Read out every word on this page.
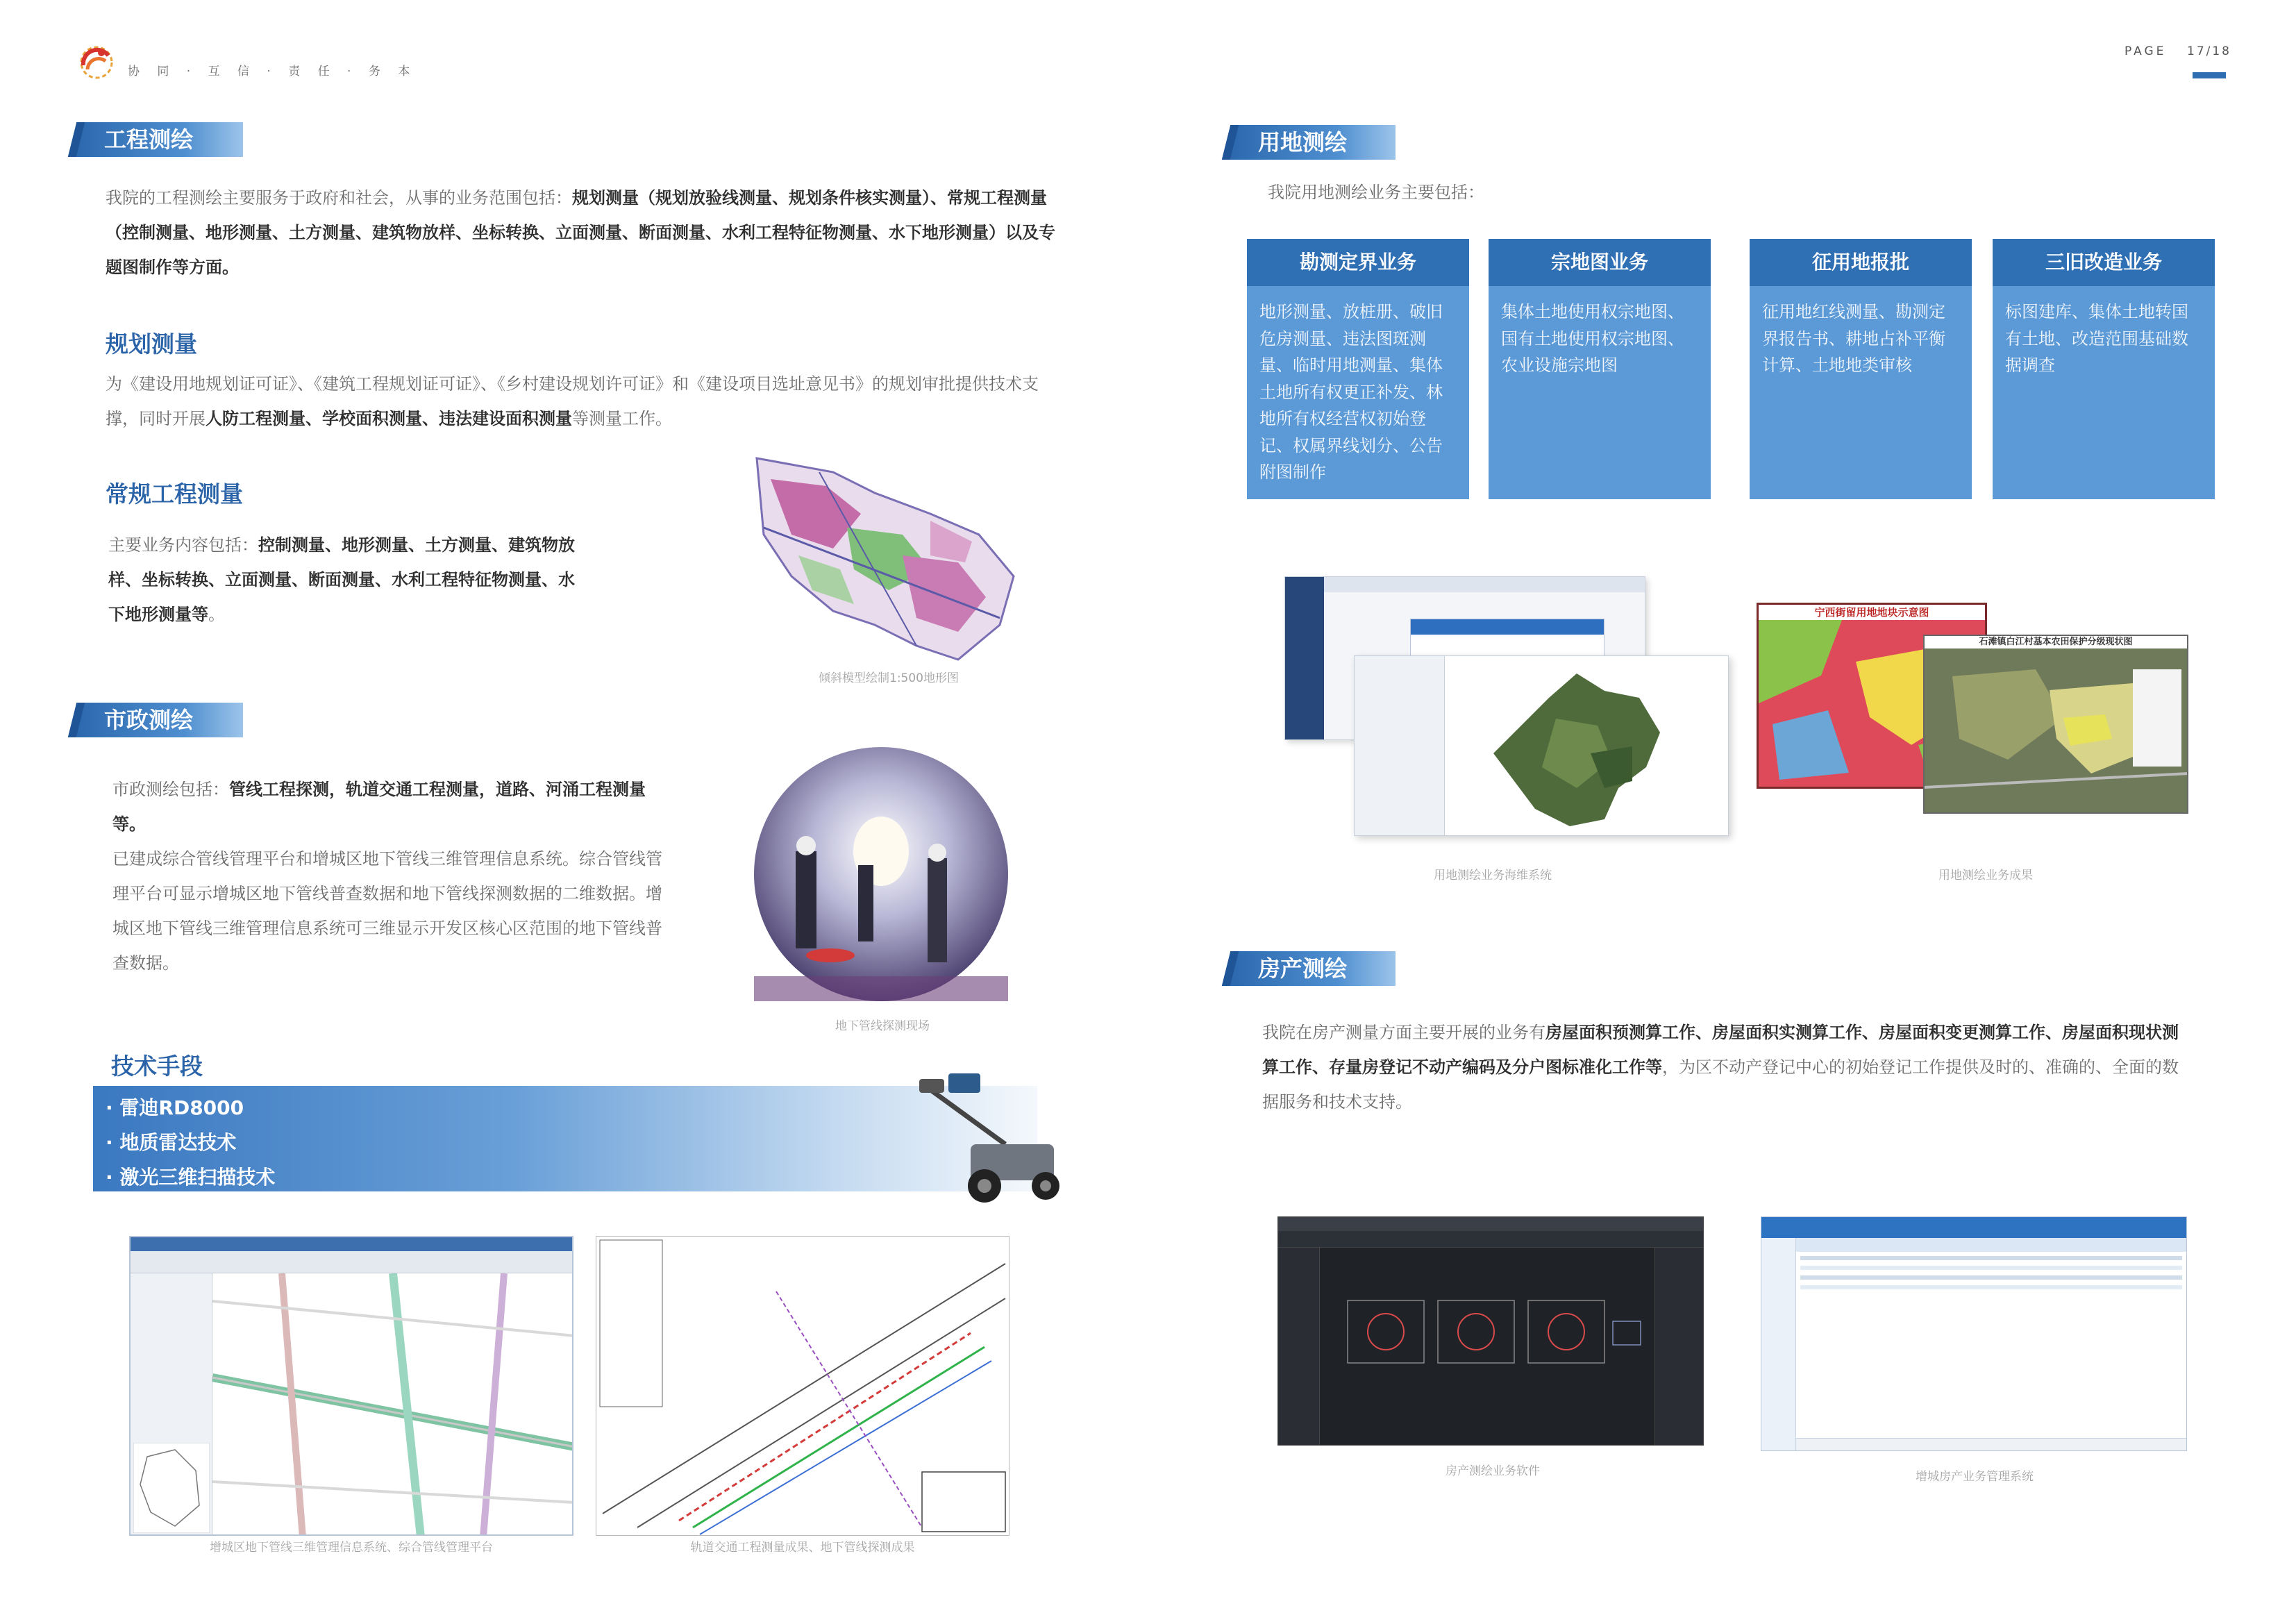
协 同 · 互 信 · 责 任 · 务 本
PAGE 17/18
工程测绘
我院的工程测绘主要服务于政府和社会，从事的业务范围包括：规划测量（规划放验线测量、规划条件核实测量）、常规工程测量（控制测量、地形测量、土方测量、建筑物放样、坐标转换、立面测量、断面测量、水利工程特征物测量、水下地形测量）以及专题图制作等方面。
规划测量
为《建设用地规划证可证》、《建筑工程规划证可证》、《乡村建设规划许可证》和《建设项目选址意见书》的规划审批提供技术支撑，同时开展人防工程测量、学校面积测量、违法建设面积测量等测量工作。
常规工程测量
主要业务内容包括：控制测量、地形测量、土方测量、建筑物放样、坐标转换、立面测量、断面测量、水利工程特征物测量、水下地形测量等。
倾斜模型绘制1:500地形图
市政测绘
市政测绘包括：管线工程探测，轨道交通工程测量，道路、河涌工程测量等。
已建成综合管线管理平台和增城区地下管线三维管理信息系统。综合管线管理平台可显示增城区地下管线普查数据和地下管线探测数据的二维数据。增城区地下管线三维管理信息系统可三维显示开发区核心区范围的地下管线普查数据。
地下管线探测现场
技术手段
· 雷迪RD8000
· 地质雷达技术
· 激光三维扫描技术
增城区地下管线三维管理信息系统、综合管线管理平台	轨道交通工程测量成果、地下管线探测成果
用地测绘
我院用地测绘业务主要包括：
勘测定界业务
地形测量、放桩册、破旧危房测量、违法图斑测量、临时用地测量、集体土地所有权更正补发、林地所有权经营权初始登记、权属界线划分、公告附图制作
宗地图业务
集体土地使用权宗地图、国有土地使用权宗地图、农业设施宗地图
征用地报批
征用地红线测量、勘测定界报告书、耕地占补平衡计算、土地地类审核
三旧改造业务
标图建库、集体土地转国有土地、改造范围基础数据调查
宁西街留用地地块示意图
石滩镇白江村基本农田保护分级现状图
用地测绘业务海维系统	用地测绘业务成果
房产测绘
我院在房产测量方面主要开展的业务有房屋面积预测算工作、房屋面积实测算工作、房屋面积变更测算工作、房屋面积现状测算工作、存量房登记不动产编码及分户图标准化工作等，为区不动产登记中心的初始登记工作提供及时的、准确的、全面的数据服务和技术支持。
房产测绘业务软件	增城房产业务管理系统
